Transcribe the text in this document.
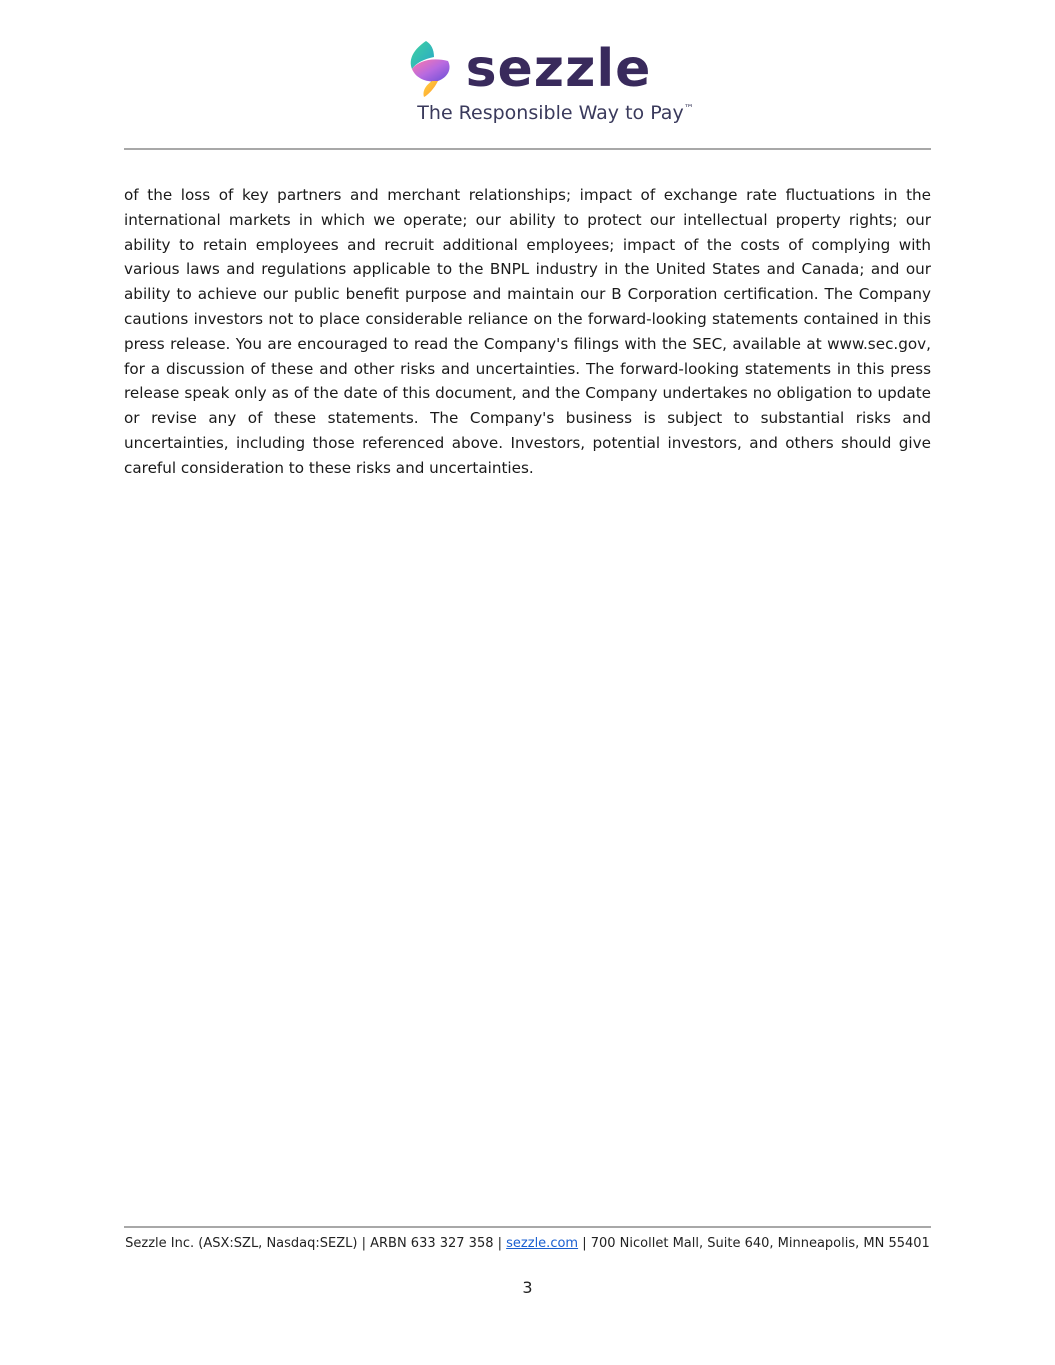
sezzle
The Responsible Way to Pay™

of the loss of key partners and merchant relationships; impact of exchange rate fluctuations in the international markets in which we operate; our ability to protect our intellectual property rights; our ability to retain employees and recruit additional employees; impact of the costs of complying with various laws and regulations applicable to the BNPL industry in the United States and Canada; and our ability to achieve our public benefit purpose and maintain our B Corporation certification. The Company cautions investors not to place considerable reliance on the forward-looking statements contained in this press release. You are encouraged to read the Company's filings with the SEC, available at www.sec.gov, for a discussion of these and other risks and uncertainties. The forward-looking statements in this press release speak only as of the date of this document, and the Company undertakes no obligation to update or revise any of these statements. The Company's business is subject to substantial risks and uncertainties, including those referenced above. Investors, potential investors, and others should give careful consideration to these risks and uncertainties.

Sezzle Inc. (ASX:SZL, Nasdaq:SEZL) | ARBN 633 327 358 | sezzle.com | 700 Nicollet Mall, Suite 640, Minneapolis, MN 55401
3
